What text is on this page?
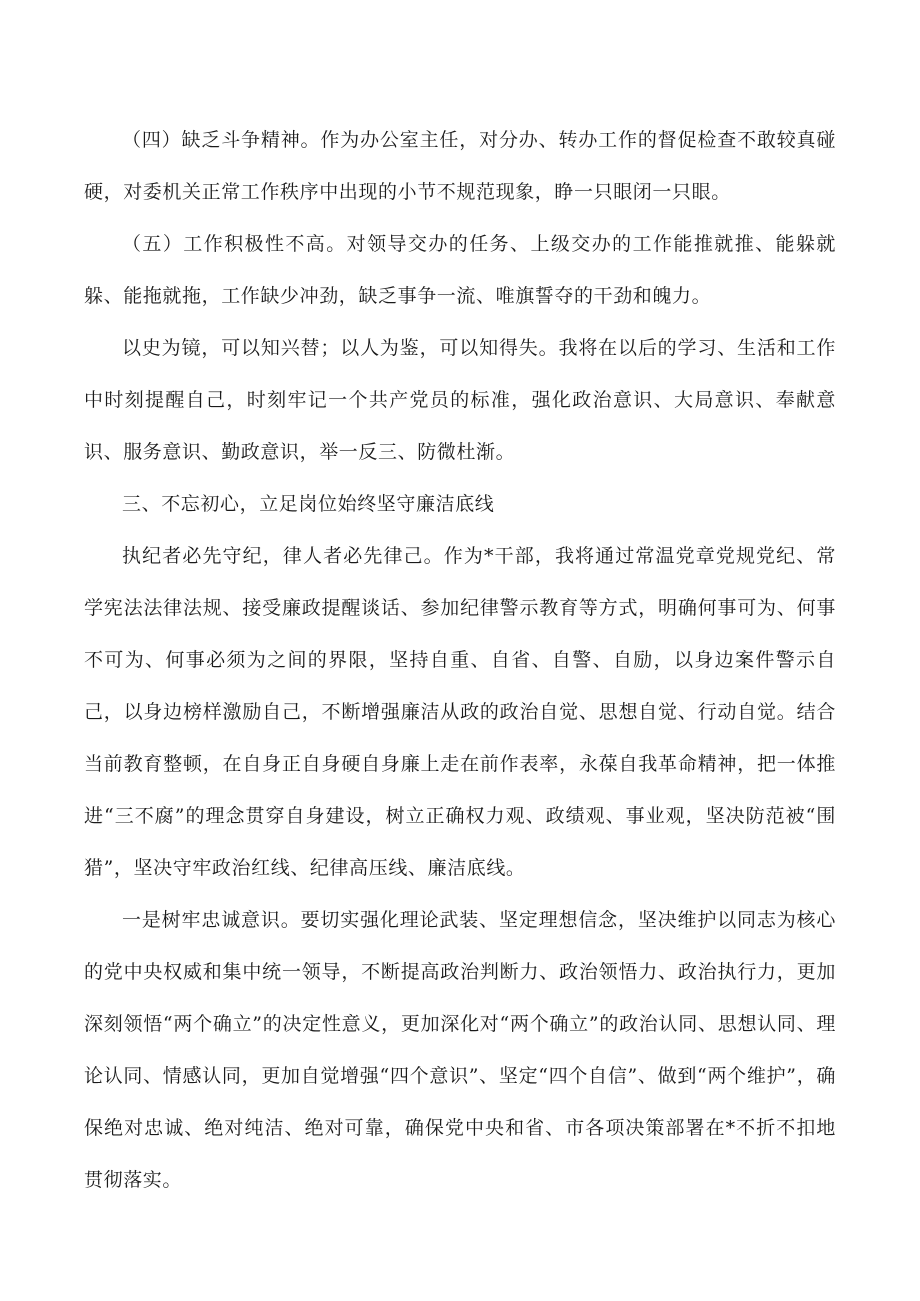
（四）缺乏斗争精神。作为办公室主任，对分办、转办工作的督促检查不敢较真碰硬，对委机关正常工作秩序中出现的小节不规范现象，睁一只眼闭一只眼。

（五）工作积极性不高。对领导交办的任务、上级交办的工作能推就推、能躲就躲、能拖就拖，工作缺少冲劲，缺乏事争一流、唯旗誓夺的干劲和魄力。

以史为镜，可以知兴替；以人为鉴，可以知得失。我将在以后的学习、生活和工作中时刻提醒自己，时刻牢记一个共产党员的标准，强化政治意识、大局意识、奉献意识、服务意识、勤政意识，举一反三、防微杜渐。

三、不忘初心，立足岗位始终坚守廉洁底线

执纪者必先守纪，律人者必先律己。作为*干部，我将通过常温党章党规党纪、常学宪法法律法规、接受廉政提醒谈话、参加纪律警示教育等方式，明确何事可为、何事不可为、何事必须为之间的界限，坚持自重、自省、自警、自励，以身边案件警示自己，以身边榜样激励自己，不断增强廉洁从政的政治自觉、思想自觉、行动自觉。结合当前教育整顿，在自身正自身硬自身廉上走在前作表率，永葆自我革命精神，把一体推进“三不腐”的理念贯穿自身建设，树立正确权力观、政绩观、事业观，坚决防范被“围猎”，坚决守牢政治红线、纪律高压线、廉洁底线。

一是树牢忠诚意识。要切实强化理论武装、坚定理想信念，坚决维护以同志为核心的党中央权威和集中统一领导，不断提高政治判断力、政治领悟力、政治执行力，更加深刻领悟“两个确立”的决定性意义，更加深化对“两个确立”的政治认同、思想认同、理论认同、情感认同，更加自觉增强“四个意识”、坚定“四个自信”、做到“两个维护”，确保绝对忠诚、绝对纯洁、绝对可靠，确保党中央和省、市各项决策部署在*不折不扣地贯彻落实。
